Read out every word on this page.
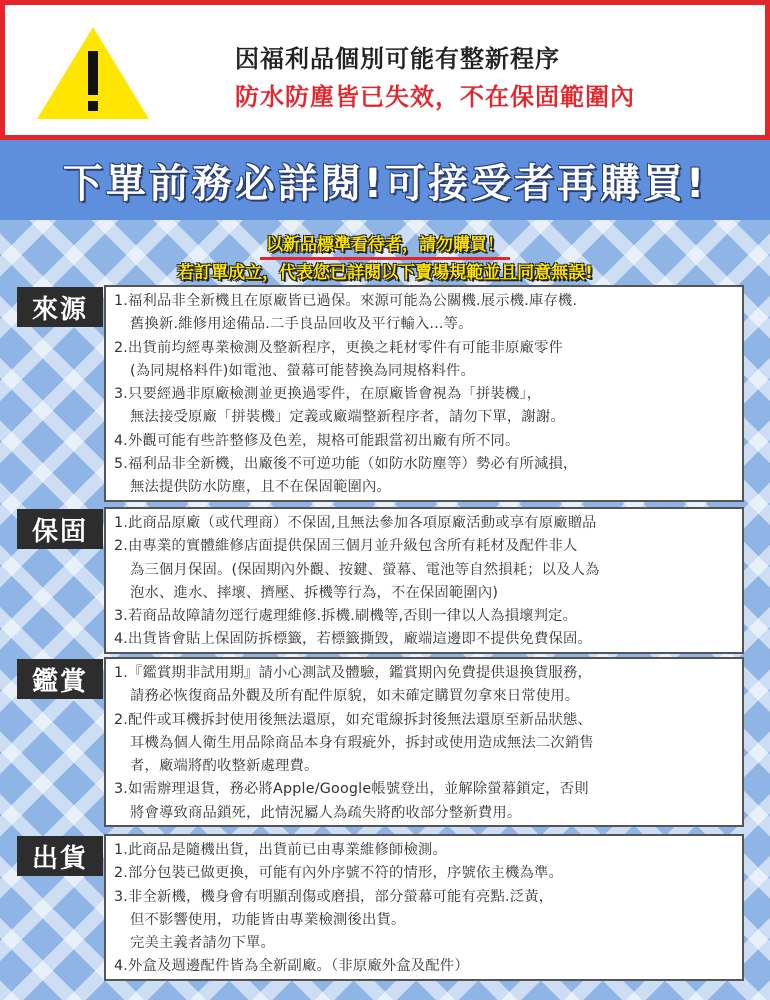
因福利品個別可能有整新程序
防水防塵皆已失效，不在保固範圍內
下單前務必詳閱!可接受者再購買!
以新品標準看待者，請勿購買！
若訂單成立，代表您已詳閱以下賣場規範並且同意無誤!
來源	1.福利品非全新機且在原廠皆已過保。來源可能為公關機.展示機.庫存機.
舊換新.維修用途備品.二手良品回收及平行輸入...等。
2.出貨前均經專業檢測及整新程序，更換之耗材零件有可能非原廠零件
(為同規格料件)如電池、螢幕可能替換為同規格料件。
3.只要經過非原廠檢測並更換過零件，在原廠皆會視為「拼裝機」，
無法接受原廠「拼裝機」定義或廠端整新程序者，請勿下單，謝謝。
4.外觀可能有些許整修及色差，規格可能跟當初出廠有所不同。
5.福利品非全新機，出廠後不可逆功能（如防水防塵等）勢必有所減損，
無法提供防水防塵，且不在保固範圍內。
保固	1.此商品原廠（或代理商）不保固,且無法參加各項原廠活動或享有原廠贈品
2.由專業的實體維修店面提供保固三個月並升級包含所有耗材及配件非人
為三個月保固。(保固期內外觀、按鍵、螢幕、電池等自然損耗；以及人為
泡水、進水、摔壞、擠壓、拆機等行為，不在保固範圍內)
3.若商品故障請勿逕行處理維修.拆機.刷機等,否則一律以人為損壞判定。
4.出貨皆會貼上保固防拆標籤，若標籤撕毀，廠端這邊即不提供免費保固。
鑑賞	1.『鑑賞期非試用期』請小心測試及體驗，鑑賞期內免費提供退換貨服務，
請務必恢復商品外觀及所有配件原貌，如未確定購買勿拿來日常使用。
2.配件或耳機拆封使用後無法還原，如充電線拆封後無法還原至新品狀態、
耳機為個人衛生用品除商品本身有瑕疵外，拆封或使用造成無法二次銷售
者，廠端將酌收整新處理費。
3.如需辦理退貨，務必將Apple/Google帳號登出，並解除螢幕鎖定，否則
將會導致商品鎖死，此情況屬人為疏失將酌收部分整新費用。
出貨	1.此商品是隨機出貨，出貨前已由專業維修師檢測。
2.部分包裝已做更換，可能有內外序號不符的情形，序號依主機為準。
3.非全新機，機身會有明顯刮傷或磨損，部分螢幕可能有亮點.泛黃，
但不影響使用，功能皆由專業檢測後出貨。
完美主義者請勿下單。
4.外盒及週邊配件皆為全新副廠。（非原廠外盒及配件）
